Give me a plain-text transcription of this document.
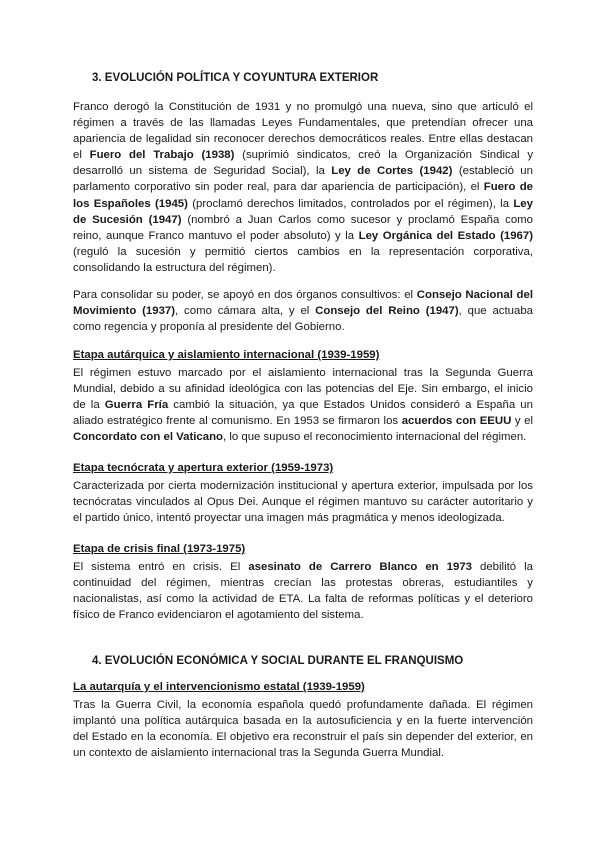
3. EVOLUCIÓN POLÍTICA Y COYUNTURA EXTERIOR
Franco derogó la Constitución de 1931 y no promulgó una nueva, sino que articuló el
régimen a través de las llamadas Leyes Fundamentales, que pretendían ofrecer una
apariencia de legalidad sin reconocer derechos democráticos reales. Entre ellas destacan
el Fuero del Trabajo (1938) (suprimió sindicatos, creó la Organización Sindical y
desarrolló un sistema de Seguridad Social), la Ley de Cortes (1942) (estableció un
parlamento corporativo sin poder real, para dar apariencia de participación), el Fuero de
los Españoles (1945) (proclamó derechos limitados, controlados por el régimen), la Ley
de Sucesión (1947) (nombró a Juan Carlos como sucesor y proclamó España como
reino, aunque Franco mantuvo el poder absoluto) y la Ley Orgánica del Estado (1967)
(reguló la sucesión y permitió ciertos cambios en la representación corporativa,
consolidando la estructura del régimen).
Para consolidar su poder, se apoyó en dos órganos consultivos: el Consejo Nacional del
Movimiento (1937), como cámara alta, y el Consejo del Reino (1947), que actuaba
como regencia y proponía al presidente del Gobierno.
Etapa autárquica y aislamiento internacional (1939-1959)
El régimen estuvo marcado por el aislamiento internacional tras la Segunda Guerra
Mundial, debido a su afinidad ideológica con las potencias del Eje. Sin embargo, el inicio
de la Guerra Fría cambió la situación, ya que Estados Unidos consideró a España un
aliado estratégico frente al comunismo. En 1953 se firmaron los acuerdos con EEUU y el
Concordato con el Vaticano, lo que supuso el reconocimiento internacional del régimen.
Etapa tecnócrata y apertura exterior (1959-1973)
Caracterizada por cierta modernización institucional y apertura exterior, impulsada por los
tecnócratas vinculados al Opus Dei. Aunque el régimen mantuvo su carácter autoritario y
el partido único, intentó proyectar una imagen más pragmática y menos ideologizada.
Etapa de crisis final (1973-1975)
El sistema entró en crisis. El asesinato de Carrero Blanco en 1973 debilitó la
continuidad del régimen, mientras crecían las protestas obreras, estudiantiles y
nacionalistas, así como la actividad de ETA. La falta de reformas políticas y el deterioro
físico de Franco evidenciaron el agotamiento del sistema.
4. EVOLUCIÓN ECONÓMICA Y SOCIAL DURANTE EL FRANQUISMO
La autarquía y el intervencionismo estatal (1939-1959)
Tras la Guerra Civil, la economía española quedó profundamente dañada. El régimen
implantó una política autárquica basada en la autosuficiencia y en la fuerte intervención
del Estado en la economía. El objetivo era reconstruir el país sin depender del exterior, en
un contexto de aislamiento internacional tras la Segunda Guerra Mundial.
